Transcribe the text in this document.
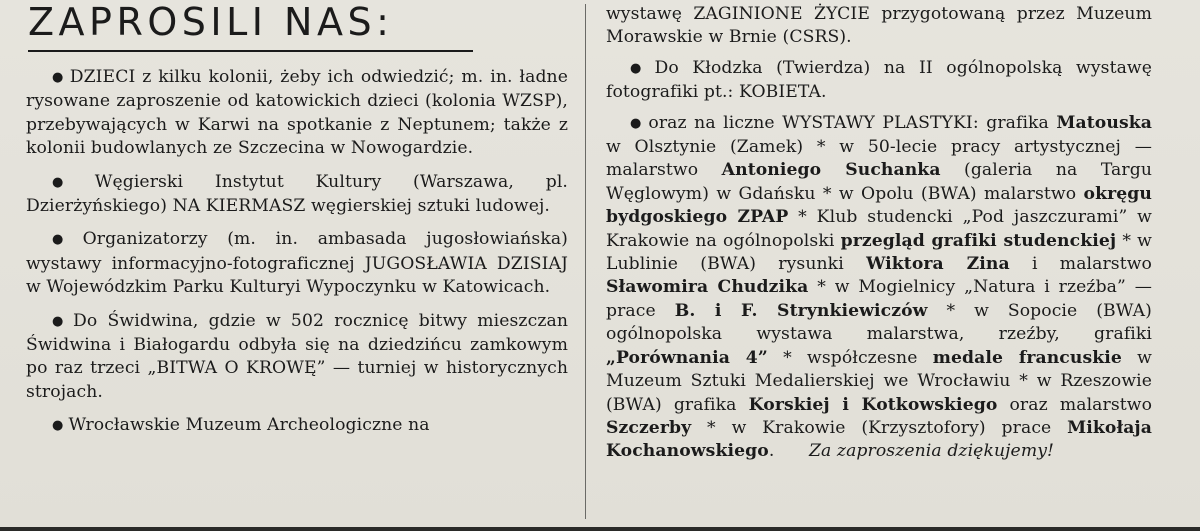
ZAPROSILI NAS:

● DZIECI z kilku kolonii, żeby ich odwiedzić; m. in. ładne rysowane zaproszenie od katowickich dzieci (kolonia WZSP), przebywających w Karwi na spotkanie z Neptunem; także z kolonii budowlanych ze Szczecina w Nowogardzie.

● Węgierski Instytut Kultury (Warszawa, pl. Dzierżyńskiego) NA KIERMASZ węgierskiej sztuki ludowej.

● Organizatorzy (m. in. ambasada jugosłowiańska) wystawy informacyjno-fotograficznej JUGOSŁAWIA DZISIAJ w Wojewódzkim Parku Kulturyi Wypoczynku w Katowicach.

● Do Świdwina, gdzie w 502 rocznicę bitwy mieszczan Świdwina i Białogardu odbyła się na dziedzińcu zamkowym po raz trzeci „BITWA O KROWĘ” — turniej w historycznych strojach.

● Wrocławskie Muzeum Archeologiczne na

wystawę ZAGINIONE ŻYCIE przygotowaną przez Muzeum Morawskie w Brnie (CSRS).

● Do Kłodzka (Twierdza) na II ogólnopolską wystawę fotografiki pt.: KOBIETA.

● oraz na liczne WYSTAWY PLASTYKI: grafika Matouska w Olsztynie (Zamek) * w 50-lecie pracy artystycznej — malarstwo Antoniego Suchanka (galeria na Targu Węglowym) w Gdańsku * w Opolu (BWA) malarstwo okręgu bydgoskiego ZPAP * Klub studencki „Pod jaszczurami” w Krakowie na ogólnopolski przegląd grafiki studenckiej * w Lublinie (BWA) rysunki Wiktora Zina i malarstwo Sławomira Chudzika * w Mogielnicy „Natura i rzeźba” — prace B. i F. Strynkiewiczów * w Sopocie (BWA) ogólnopolska wystawa malarstwa, rzeźby, grafiki „Porównania 4” * współczesne medale francuskie w Muzeum Sztuki Medalierskiej we Wrocławiu * w Rzeszowie (BWA) grafika Korskiej i Kotkowskiego oraz malarstwo Szczerby * w Krakowie (Krzysztofory) prace Mikołaja Kochanowskiego.   Za zaproszenia dziękujemy!
